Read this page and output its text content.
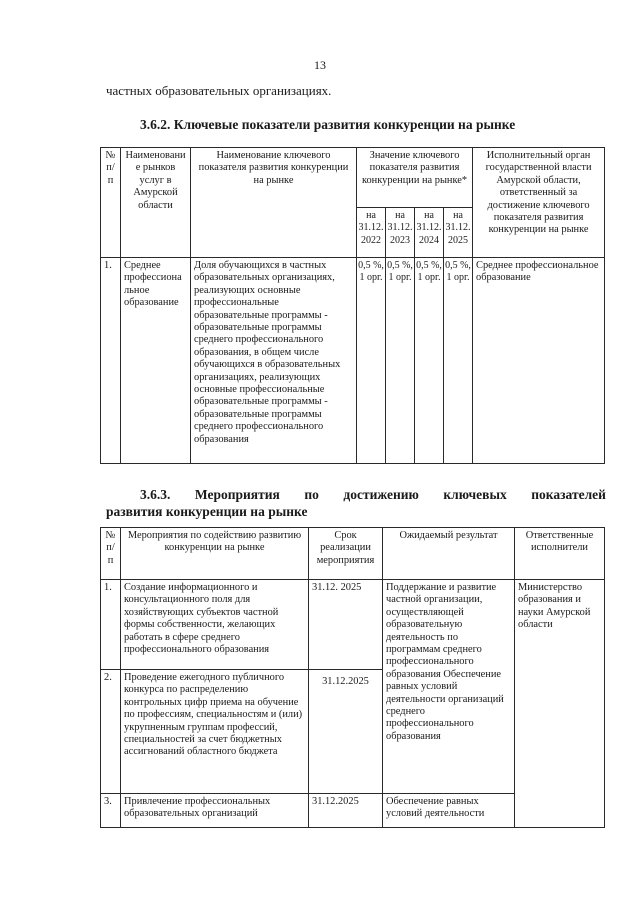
13
частных образовательных организациях.
3.6.2. Ключевые показатели развития конкуренции на рынке
№ п/п	Наименовани е рынков услуг в Амурской области	Наименование ключевого показателя развития конкуренции на рынке	Значение ключевого показателя развития конкуренции на рынке*				Исполнительный орган государственной власти Амурской области, ответственный за достижение ключевого показателя развития конкуренции на рынке
			на 31.12. 2022	на 31.12. 2023	на 31.12. 2024	на 31.12. 2025	
1.	Среднее профессиона льное образование	Доля обучающихся в частных образовательных организациях, реализующих основные профессиональные образовательные программы - образовательные программы среднего профессионального образования, в общем числе обучающихся в образовательных организациях, реализующих основные профессиональные образовательные программы - образовательные программы среднего профессионального образования	0,5 %, 1 орг.	0,5 %, 1 орг.	0,5 %, 1 орг.	0,5 %, 1 орг.	Среднее профессиональное образование
3.6.3. Мероприятия по достижению ключевых показателей
развития конкуренции на рынке
№ п/п	Мероприятия по содействию развитию конкуренции на рынке	Срок реализации мероприятия	Ожидаемый результат	Ответственные исполнители
1.	Создание информационного и консультационного поля для хозяйствующих субъектов частной формы собственности, желающих работать в сфере среднего профессионального образования	31.12. 2025	Поддержание и развитие частной организации, осуществляющей образовательную деятельность по программам среднего профессионального образования Обеспечение равных условий деятельности организаций среднего профессионального образования	Министерство образования и науки Амурской области
2.	Проведение ежегодного публичного конкурса по распределению контрольных цифр приема на обучение по профессиям, специальностям и (или) укрупненным группам профессий, специальностей за счет бюджетных ассигнований областного бюджета	31.12.2025		
3.	Привлечение профессиональных образовательных организаций	31.12.2025	Обеспечение равных условий деятельности	
